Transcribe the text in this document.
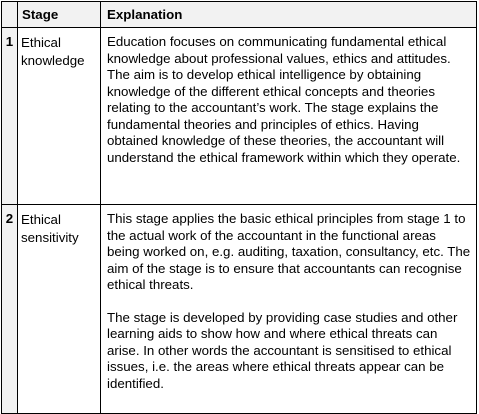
	Stage	Explanation

1	Ethical knowledge	Education focuses on communicating fundamental ethical knowledge about professional values, ethics and attitudes. The aim is to develop ethical intelligence by obtaining knowledge of the different ethical concepts and theories relating to the accountant’s work. The stage explains the fundamental theories and principles of ethics. Having obtained knowledge of these theories, the accountant will understand the ethical framework within which they operate.

2	Ethical sensitivity	This stage applies the basic ethical principles from stage 1 to the actual work of the accountant in the functional areas being worked on, e.g. auditing, taxation, consultancy, etc. The aim of the stage is to ensure that accountants can recognise ethical threats.

The stage is developed by providing case studies and other learning aids to show how and where ethical threats can arise. In other words the accountant is sensitised to ethical issues, i.e. the areas where ethical threats appear can be identified.
